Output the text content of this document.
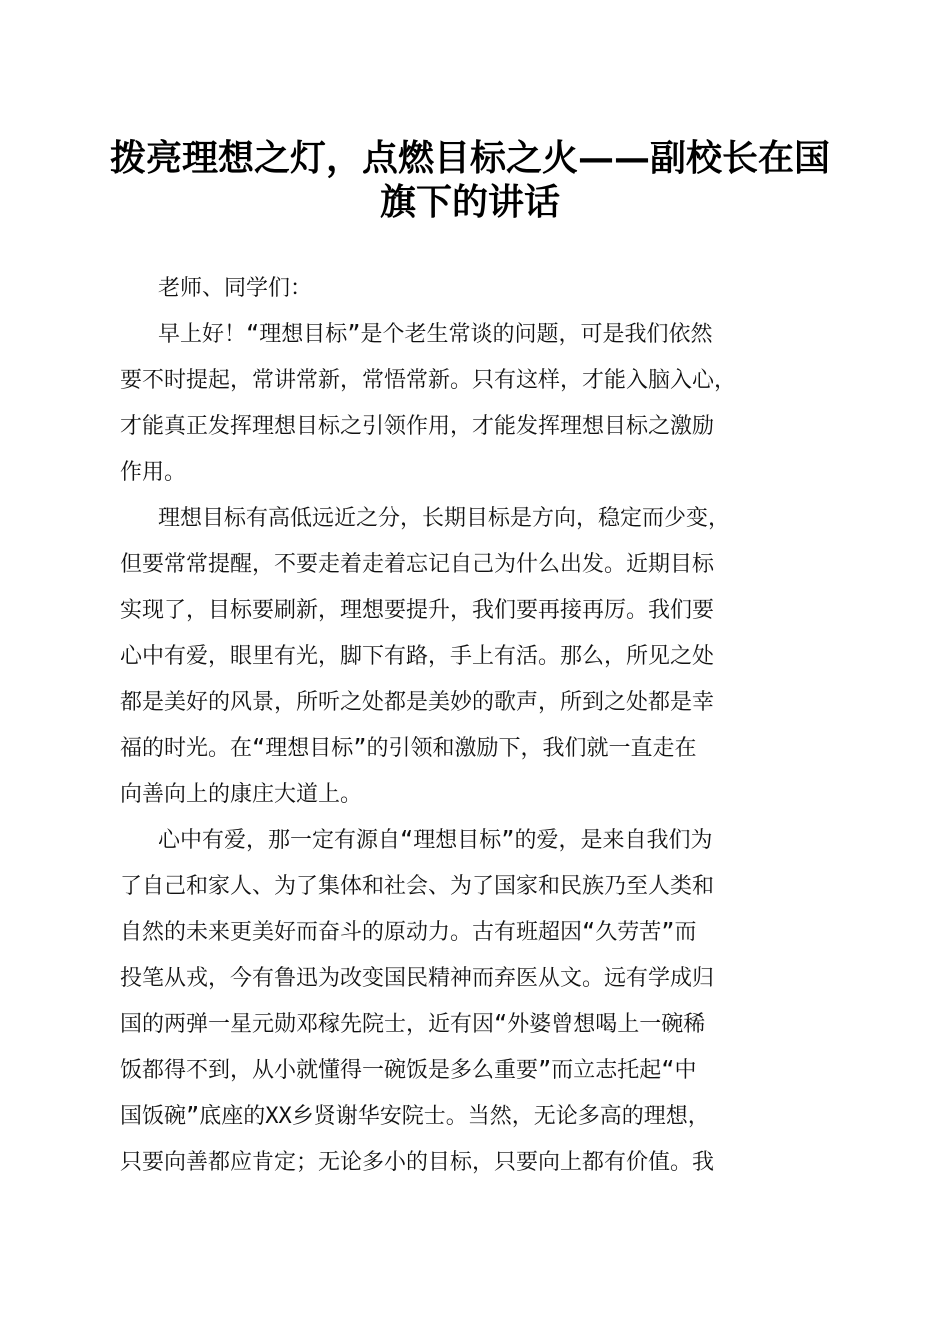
拨亮理想之灯，点燃目标之火——副校长在国
旗下的讲话
老师、同学们：
早上好！“理想目标”是个老生常谈的问题，可是我们依然
要不时提起，常讲常新，常悟常新。只有这样，才能入脑入心，
才能真正发挥理想目标之引领作用，才能发挥理想目标之激励
作用。
理想目标有高低远近之分，长期目标是方向，稳定而少变，
但要常常提醒，不要走着走着忘记自己为什么出发。近期目标
实现了，目标要刷新，理想要提升，我们要再接再厉。我们要
心中有爱，眼里有光，脚下有路，手上有活。那么，所见之处
都是美好的风景，所听之处都是美妙的歌声，所到之处都是幸
福的时光。在“理想目标”的引领和激励下，我们就一直走在
向善向上的康庄大道上。
心中有爱，那一定有源自“理想目标”的爱，是来自我们为
了自己和家人、为了集体和社会、为了国家和民族乃至人类和
自然的未来更美好而奋斗的原动力。古有班超因“久劳苦”而
投笔从戎，今有鲁迅为改变国民精神而弃医从文。远有学成归
国的两弹一星元勋邓稼先院士，近有因“外婆曾想喝上一碗稀
饭都得不到，从小就懂得一碗饭是多么重要”而立志托起“中
国饭碗”底座的XX乡贤谢华安院士。当然，无论多高的理想，
只要向善都应肯定；无论多小的目标，只要向上都有价值。我
